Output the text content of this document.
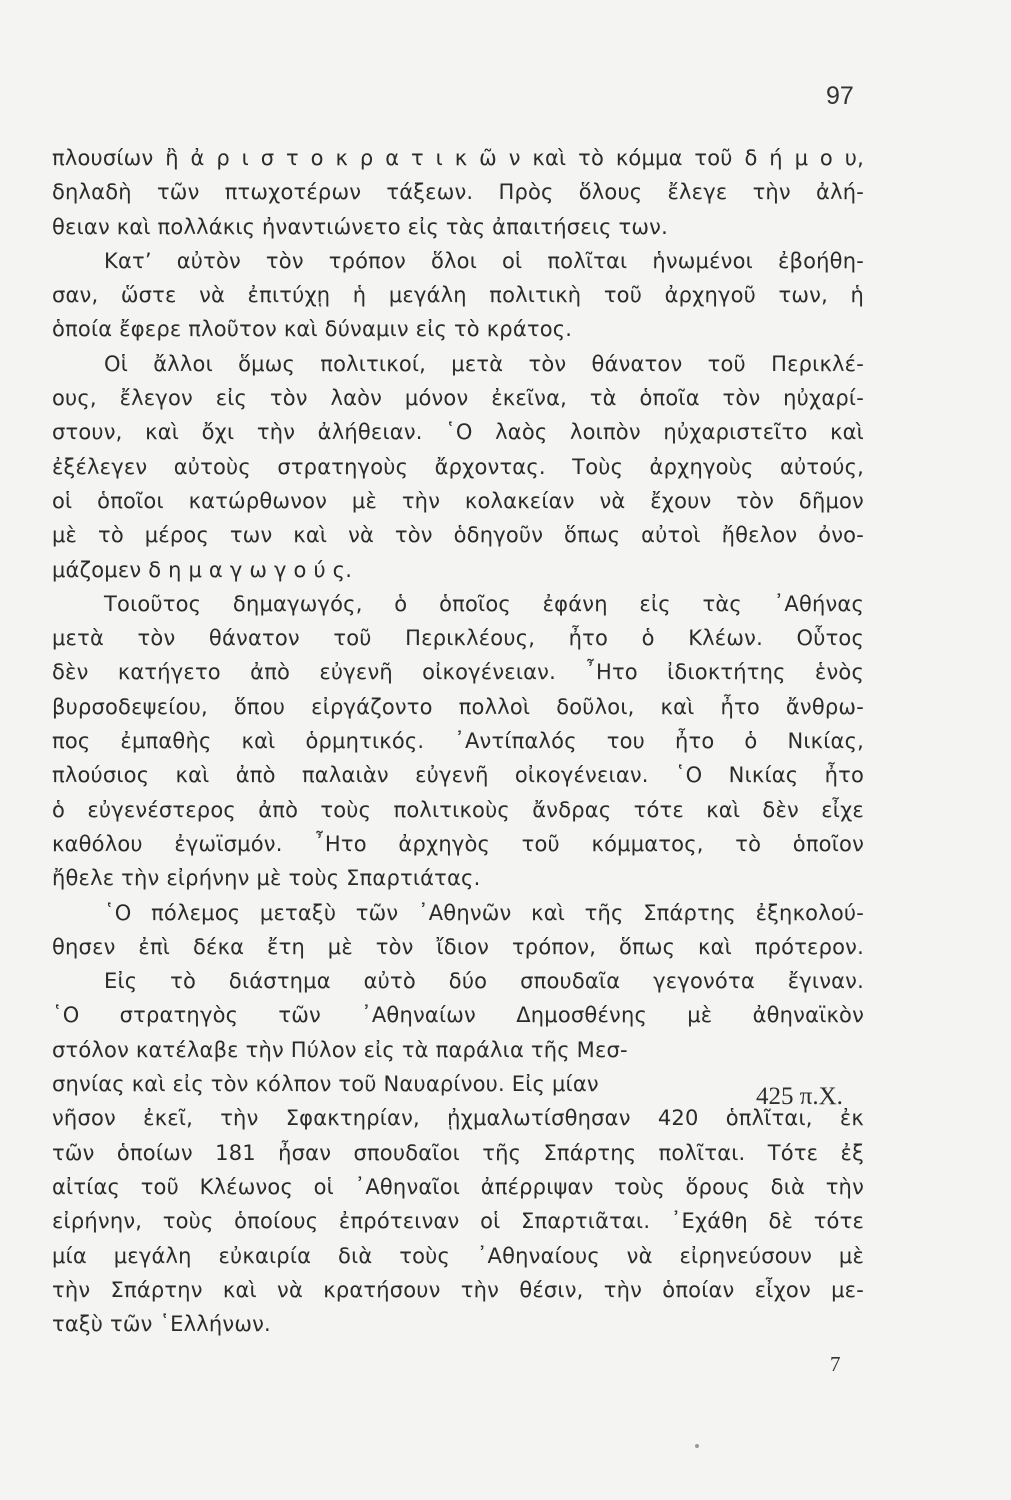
97
πλουσίων ἢ ἀ ρ ι σ τ ο κ ρ α τ ι κ ῶ ν καὶ τὸ κόμμα τοῦ δ ή μ ο υ,
δηλαδὴ τῶν πτωχοτέρων τάξεων. Πρὸς ὅλους ἔλεγε τὴν ἀλή-
θειαν καὶ πολλάκις ἠναντιώνετο εἰς τὰς ἀπαιτήσεις των.
Κατ’ αὐτὸν τὸν τρόπον ὅλοι οἱ πολῖται ἡνωμένοι ἐβοήθη-
σαν, ὥστε νὰ ἐπιτύχῃ ἡ μεγάλη πολιτικὴ τοῦ ἀρχηγοῦ των, ἡ
ὁποία ἔφερε πλοῦτον καὶ δύναμιν εἰς τὸ κράτος.
Οἱ ἄλλοι ὅμως πολιτικοί, μετὰ τὸν θάνατον τοῦ Περικλέ-
ους, ἔλεγον εἰς τὸν λαὸν μόνον ἐκεῖνα, τὰ ὁποῖα τὸν ηὐχαρί-
στουν, καὶ ὄχι τὴν ἀλήθειαν. ῾Ο λαὸς λοιπὸν ηὐχαριστεῖτο καὶ
ἐξέλεγεν αὐτοὺς στρατηγοὺς ἄρχοντας. Τοὺς ἀρχηγοὺς αὐτούς,
οἱ ὁποῖοι κατώρθωνον μὲ τὴν κολακείαν νὰ ἔχουν τὸν δῆμον
μὲ τὸ μέρος των καὶ νὰ τὸν ὁδηγοῦν ὅπως αὐτοὶ ἤθελον ὀνο-
μάζομεν δ η μ α γ ω γ ο ύ ς.
Τοιοῦτος δημαγωγός, ὁ ὁποῖος ἐφάνη εἰς τὰς ᾿Αθήνας
μετὰ τὸν θάνατον τοῦ Περικλέους, ἦτο ὁ Κλέων. Οὗτος
δὲν κατήγετο ἀπὸ εὐγενῆ οἰκογένειαν. ῏Ητο ἰδιοκτήτης ἑνὸς
βυρσοδεψείου, ὅπου εἰργάζοντο πολλοὶ δοῦλοι, καὶ ἦτο ἄνθρω-
πος ἐμπαθὴς καὶ ὁρμητικός. ᾿Αντίπαλός του ἦτο ὁ Νικίας,
πλούσιος καὶ ἀπὸ παλαιὰν εὐγενῆ οἰκογένειαν. ῾Ο Νικίας ἦτο
ὁ εὐγενέστερος ἀπὸ τοὺς πολιτικοὺς ἄνδρας τότε καὶ δὲν εἶχε
καθόλου ἐγωϊσμόν. ῏Ητο ἀρχηγὸς τοῦ κόμματος, τὸ ὁποῖον
ἤθελε τὴν εἰρήνην μὲ τοὺς Σπαρτιάτας.
῾Ο πόλεμος μεταξὺ τῶν ᾿Αθηνῶν καὶ τῆς Σπάρτης ἐξηκολού-
θησεν ἐπὶ δέκα ἔτη μὲ τὸν ἴδιον τρόπον, ὅπως καὶ πρότερον.
Εἰς τὸ διάστημα αὐτὸ δύο σπουδαῖα γεγονότα ἔγιναν.
῾Ο στρατηγὸς τῶν ᾿Αθηναίων Δημοσθένης μὲ ἀθηναϊκὸν
στόλον κατέλαβε τὴν Πύλον εἰς τὰ παράλια τῆς Μεσ-
σηνίας καὶ εἰς τὸν κόλπον τοῦ Ναυαρίνου. Εἰς μίαν
νῆσον ἐκεῖ, τὴν Σφακτηρίαν, ᾐχμαλωτίσθησαν 420 ὁπλῖται, ἐκ
τῶν ὁποίων 181 ἦσαν σπουδαῖοι τῆς Σπάρτης πολῖται. Τότε ἐξ
αἰτίας τοῦ Κλέωνος οἱ ᾿Αθηναῖοι ἀπέρριψαν τοὺς ὅρους διὰ τὴν
εἰρήνην, τοὺς ὁποίους ἐπρότειναν οἱ Σπαρτιᾶται. ᾿Εχάθη δὲ τότε
μία μεγάλη εὐκαιρία διὰ τοὺς ᾿Αθηναίους νὰ εἰρηνεύσουν μὲ
τὴν Σπάρτην καὶ νὰ κρατήσουν τὴν θέσιν, τὴν ὁποίαν εἶχον με-
ταξὺ τῶν ῾Ελλήνων.
425 π.Χ.
7
